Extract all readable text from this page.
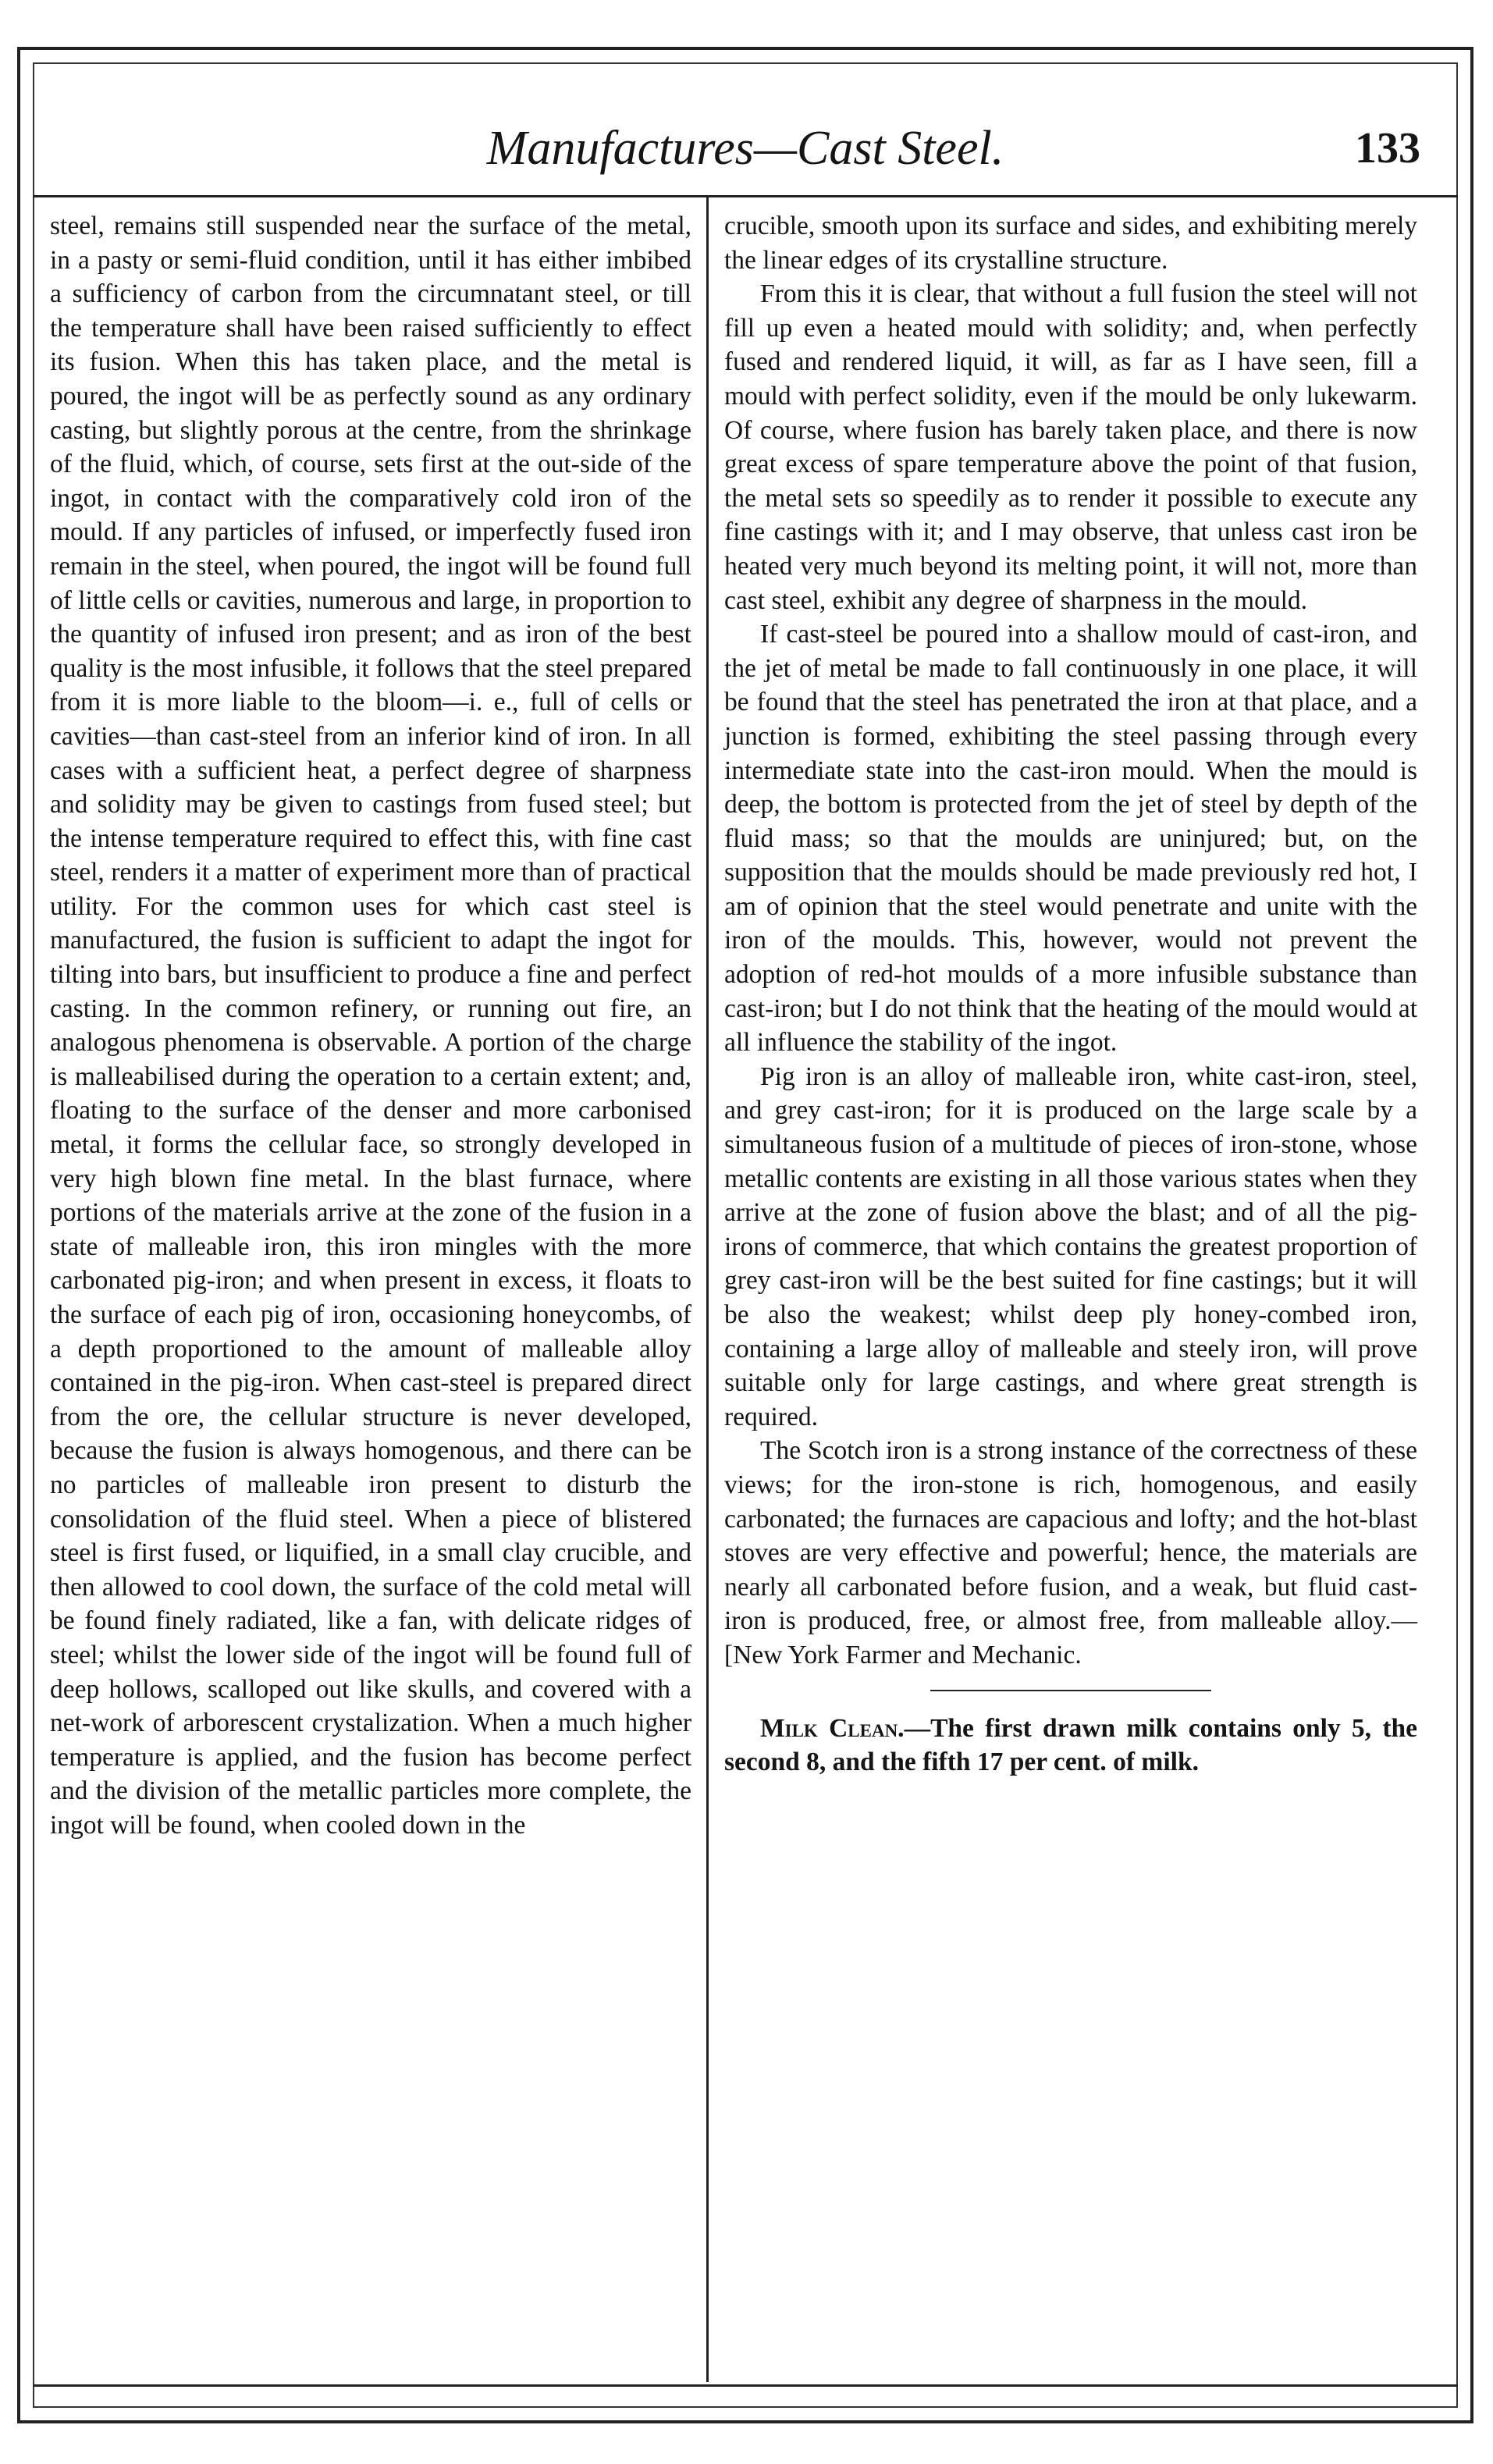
Manufactures—Cast Steel.	133

steel, remains still suspended near the surface of the metal, in a pasty or semi-fluid condition, until it has either imbibed a sufficiency of carbon from the circumnatant steel, or till the temperature shall have been raised sufficiently to effect its fusion. When this has taken place, and the metal is poured, the ingot will be as perfectly sound as any ordinary casting, but slightly porous at the centre, from the shrinkage of the fluid, which, of course, sets first at the out-side of the ingot, in contact with the comparatively cold iron of the mould. If any particles of infused, or imperfectly fused iron remain in the steel, when poured, the ingot will be found full of little cells or cavities, numerous and large, in proportion to the quantity of infused iron present; and as iron of the best quality is the most infusible, it follows that the steel prepared from it is more liable to the bloom—i. e., full of cells or cavities—than cast-steel from an inferior kind of iron. In all cases with a sufficient heat, a perfect degree of sharpness and solidity may be given to castings from fused steel; but the intense temperature required to effect this, with fine cast steel, renders it a matter of experiment more than of practical utility. For the common uses for which cast steel is manufactured, the fusion is sufficient to adapt the ingot for tilting into bars, but insufficient to produce a fine and perfect casting. In the common refinery, or running out fire, an analogous phenomena is observable. A portion of the charge is malleabilised during the operation to a certain extent; and, floating to the surface of the denser and more carbonised metal, it forms the cellular face, so strongly developed in very high blown fine metal. In the blast furnace, where portions of the materials arrive at the zone of the fusion in a state of malleable iron, this iron mingles with the more carbonated pig-iron; and when present in excess, it floats to the surface of each pig of iron, occasioning honeycombs, of a depth proportioned to the amount of malleable alloy contained in the pig-iron. When cast-steel is prepared direct from the ore, the cellular structure is never developed, because the fusion is always homogenous, and there can be no particles of malleable iron present to disturb the consolidation of the fluid steel. When a piece of blistered steel is first fused, or liquified, in a small clay crucible, and then allowed to cool down, the surface of the cold metal will be found finely radiated, like a fan, with delicate ridges of steel; whilst the lower side of the ingot will be found full of deep hollows, scalloped out like skulls, and covered with a net-work of arborescent crystalization. When a much higher temperature is applied, and the fusion has become perfect and the division of the metallic particles more complete, the ingot will be found, when cooled down in the

crucible, smooth upon its surface and sides, and exhibiting merely the linear edges of its crystalline structure.

From this it is clear, that without a full fusion the steel will not fill up even a heated mould with solidity; and, when perfectly fused and rendered liquid, it will, as far as I have seen, fill a mould with perfect solidity, even if the mould be only lukewarm. Of course, where fusion has barely taken place, and there is now great excess of spare temperature above the point of that fusion, the metal sets so speedily as to render it possible to execute any fine castings with it; and I may observe, that unless cast iron be heated very much beyond its melting point, it will not, more than cast steel, exhibit any degree of sharpness in the mould.

If cast-steel be poured into a shallow mould of cast-iron, and the jet of metal be made to fall continuously in one place, it will be found that the steel has penetrated the iron at that place, and a junction is formed, exhibiting the steel passing through every intermediate state into the cast-iron mould. When the mould is deep, the bottom is protected from the jet of steel by depth of the fluid mass; so that the moulds are uninjured; but, on the supposition that the moulds should be made previously red hot, I am of opinion that the steel would penetrate and unite with the iron of the moulds. This, however, would not prevent the adoption of red-hot moulds of a more infusible substance than cast-iron; but I do not think that the heating of the mould would at all influence the stability of the ingot.

Pig iron is an alloy of malleable iron, white cast-iron, steel, and grey cast-iron; for it is produced on the large scale by a simultaneous fusion of a multitude of pieces of iron-stone, whose metallic contents are existing in all those various states when they arrive at the zone of fusion above the blast; and of all the pig-irons of commerce, that which contains the greatest proportion of grey cast-iron will be the best suited for fine castings; but it will be also the weakest; whilst deep ply honey-combed iron, containing a large alloy of malleable and steely iron, will prove suitable only for large castings, and where great strength is required.

The Scotch iron is a strong instance of the correctness of these views; for the iron-stone is rich, homogenous, and easily carbonated; the furnaces are capacious and lofty; and the hot-blast stoves are very effective and powerful; hence, the materials are nearly all carbonated before fusion, and a weak, but fluid cast-iron is produced, free, or almost free, from malleable alloy.—[New York Farmer and Mechanic.

Milk Clean.—The first drawn milk contains only 5, the second 8, and the fifth 17 per cent. of milk.
